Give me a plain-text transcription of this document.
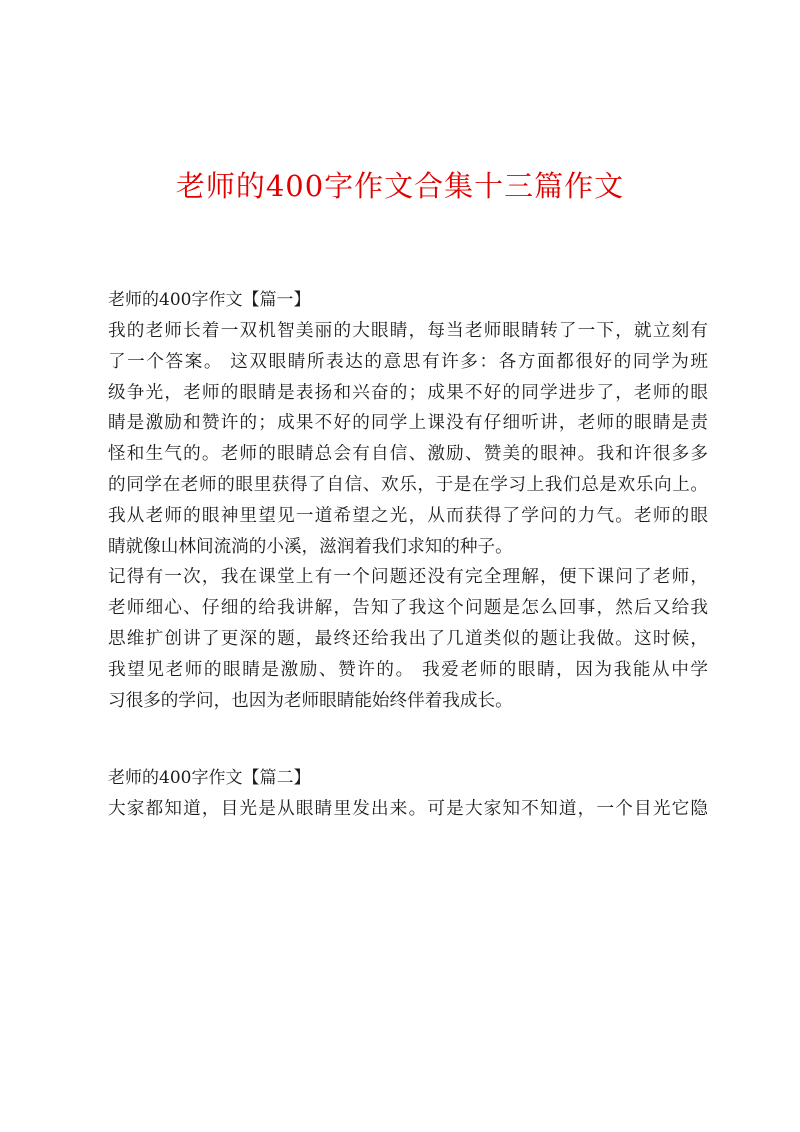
老师的400字作文合集十三篇作文

老师的400字作文【篇一】

我的老师长着一双机智美丽的大眼睛，每当老师眼睛转了一下，就立刻有
了一个答案。 这双眼睛所表达的意思有许多：各方面都很好的同学为班
级争光，老师的眼睛是表扬和兴奋的；成果不好的同学进步了，老师的眼
睛是激励和赞许的；成果不好的同学上课没有仔细听讲，老师的眼睛是责
怪和生气的。老师的眼睛总会有自信、激励、赞美的眼神。我和许很多多
的同学在老师的眼里获得了自信、欢乐，于是在学习上我们总是欢乐向上。
我从老师的眼神里望见一道希望之光，从而获得了学问的力气。老师的眼
睛就像山林间流淌的小溪，滋润着我们求知的种子。

记得有一次，我在课堂上有一个问题还没有完全理解，便下课问了老师，
老师细心、仔细的给我讲解，告知了我这个问题是怎么回事，然后又给我
思维扩创讲了更深的题，最终还给我出了几道类似的题让我做。这时候，
我望见老师的眼睛是激励、赞许的。 我爱老师的眼睛，因为我能从中学
习很多的学问，也因为老师眼睛能始终伴着我成长。

老师的400字作文【篇二】

大家都知道，目光是从眼睛里发出来。可是大家知不知道，一个目光它隐
